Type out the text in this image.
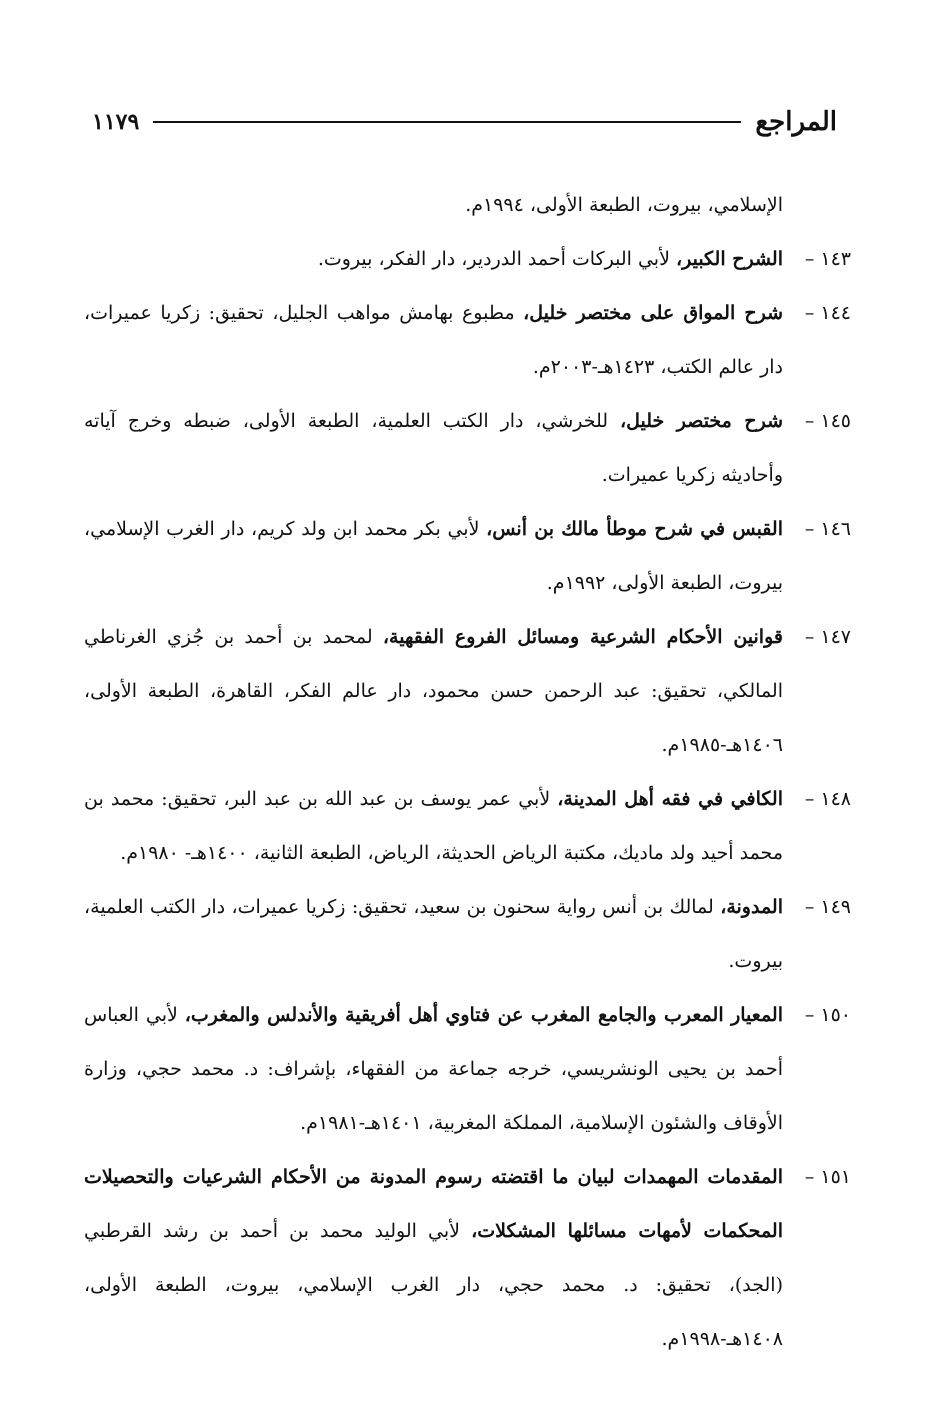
المراجع
١١٧٩
الإسلامي، بيروت، الطبعة الأولى، ١٩٩٤م.
١٤٣ –
الشرح الكبير، لأبي البركات أحمد الدردير، دار الفكر، بيروت.
١٤٤ –
شرح المواق على مختصر خليل، مطبوع بهامش مواهب الجليل، تحقيق: زكريا عميرات، دار عالم الكتب، ١٤٢٣هـ-٢٠٠٣م.
١٤٥ –
شرح مختصر خليل، للخرشي، دار الكتب العلمية، الطبعة الأولى، ضبطه وخرج آياته وأحاديثه زكريا عميرات.
١٤٦ –
القبس في شرح موطأ مالك بن أنس، لأبي بكر محمد ابن ولد كريم، دار الغرب الإسلامي، بيروت، الطبعة الأولى، ١٩٩٢م.
١٤٧ –
قوانين الأحكام الشرعية ومسائل الفروع الفقهية، لمحمد بن أحمد بن جُزي الغرناطي المالكي، تحقيق: عبد الرحمن حسن محمود، دار عالم الفكر، القاهرة، الطبعة الأولى، ١٤٠٦هـ-١٩٨٥م.
١٤٨ –
الكافي في فقه أهل المدينة، لأبي عمر يوسف بن عبد الله بن عبد البر، تحقيق: محمد بن محمد أحيد ولد ماديك، مكتبة الرياض الحديثة، الرياض، الطبعة الثانية، ١٤٠٠هـ- ١٩٨٠م.
١٤٩ –
المدونة، لمالك بن أنس رواية سحنون بن سعيد، تحقيق: زكريا عميرات، دار الكتب العلمية، بيروت.
١٥٠ –
المعيار المعرب والجامع المغرب عن فتاوي أهل أفريقية والأندلس والمغرب، لأبي العباس أحمد بن يحيى الونشريسي، خرجه جماعة من الفقهاء، بإشراف: د. محمد حجي، وزارة الأوقاف والشئون الإسلامية، المملكة المغربية، ١٤٠١هـ-١٩٨١م.
١٥١ –
المقدمات المهمدات لبيان ما اقتضته رسوم المدونة من الأحكام الشرعيات والتحصيلات المحكمات لأمهات مسائلها المشكلات، لأبي الوليد محمد بن أحمد بن رشد القرطبي (الجد)، تحقيق: د. محمد حجي، دار الغرب الإسلامي، بيروت، الطبعة الأولى، ١٤٠٨هـ-١٩٩٨م.
